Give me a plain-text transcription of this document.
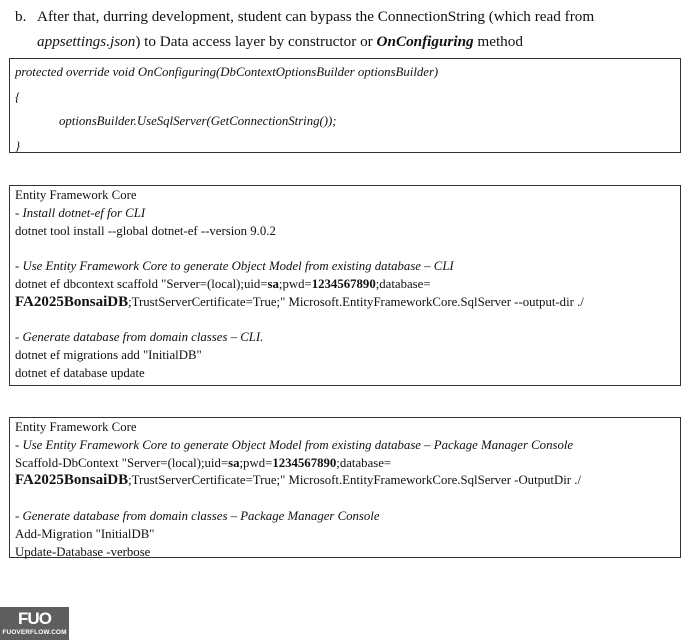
b. After that, durring development, student can bypass the ConnectionString (which read from
appsettings.json) to Data access layer by constructor or OnConfiguring method
protected override void OnConfiguring(DbContextOptionsBuilder optionsBuilder)
{
optionsBuilder.UseSqlServer(GetConnectionString());
}
Entity Framework Core
- Install dotnet-ef for CLI
dotnet tool install --global dotnet-ef --version 9.0.2
- Use Entity Framework Core to generate Object Model from existing database – CLI
dotnet ef dbcontext scaffold "Server=(local);uid=sa;pwd=1234567890;database=
FA2025BonsaiDB;TrustServerCertificate=True;" Microsoft.EntityFrameworkCore.SqlServer --output-dir ./
- Generate database from domain classes – CLI.
dotnet ef migrations add "InitialDB"
dotnet ef database update
Entity Framework Core
- Use Entity Framework Core to generate Object Model from existing database – Package Manager Console
Scaffold-DbContext "Server=(local);uid=sa;pwd=1234567890;database=
FA2025BonsaiDB;TrustServerCertificate=True;" Microsoft.EntityFrameworkCore.SqlServer -OutputDir ./
- Generate database from domain classes – Package Manager Console
Add-Migration "InitialDB"
Update-Database -verbose
FUO
FUOVERFLOW.COM
